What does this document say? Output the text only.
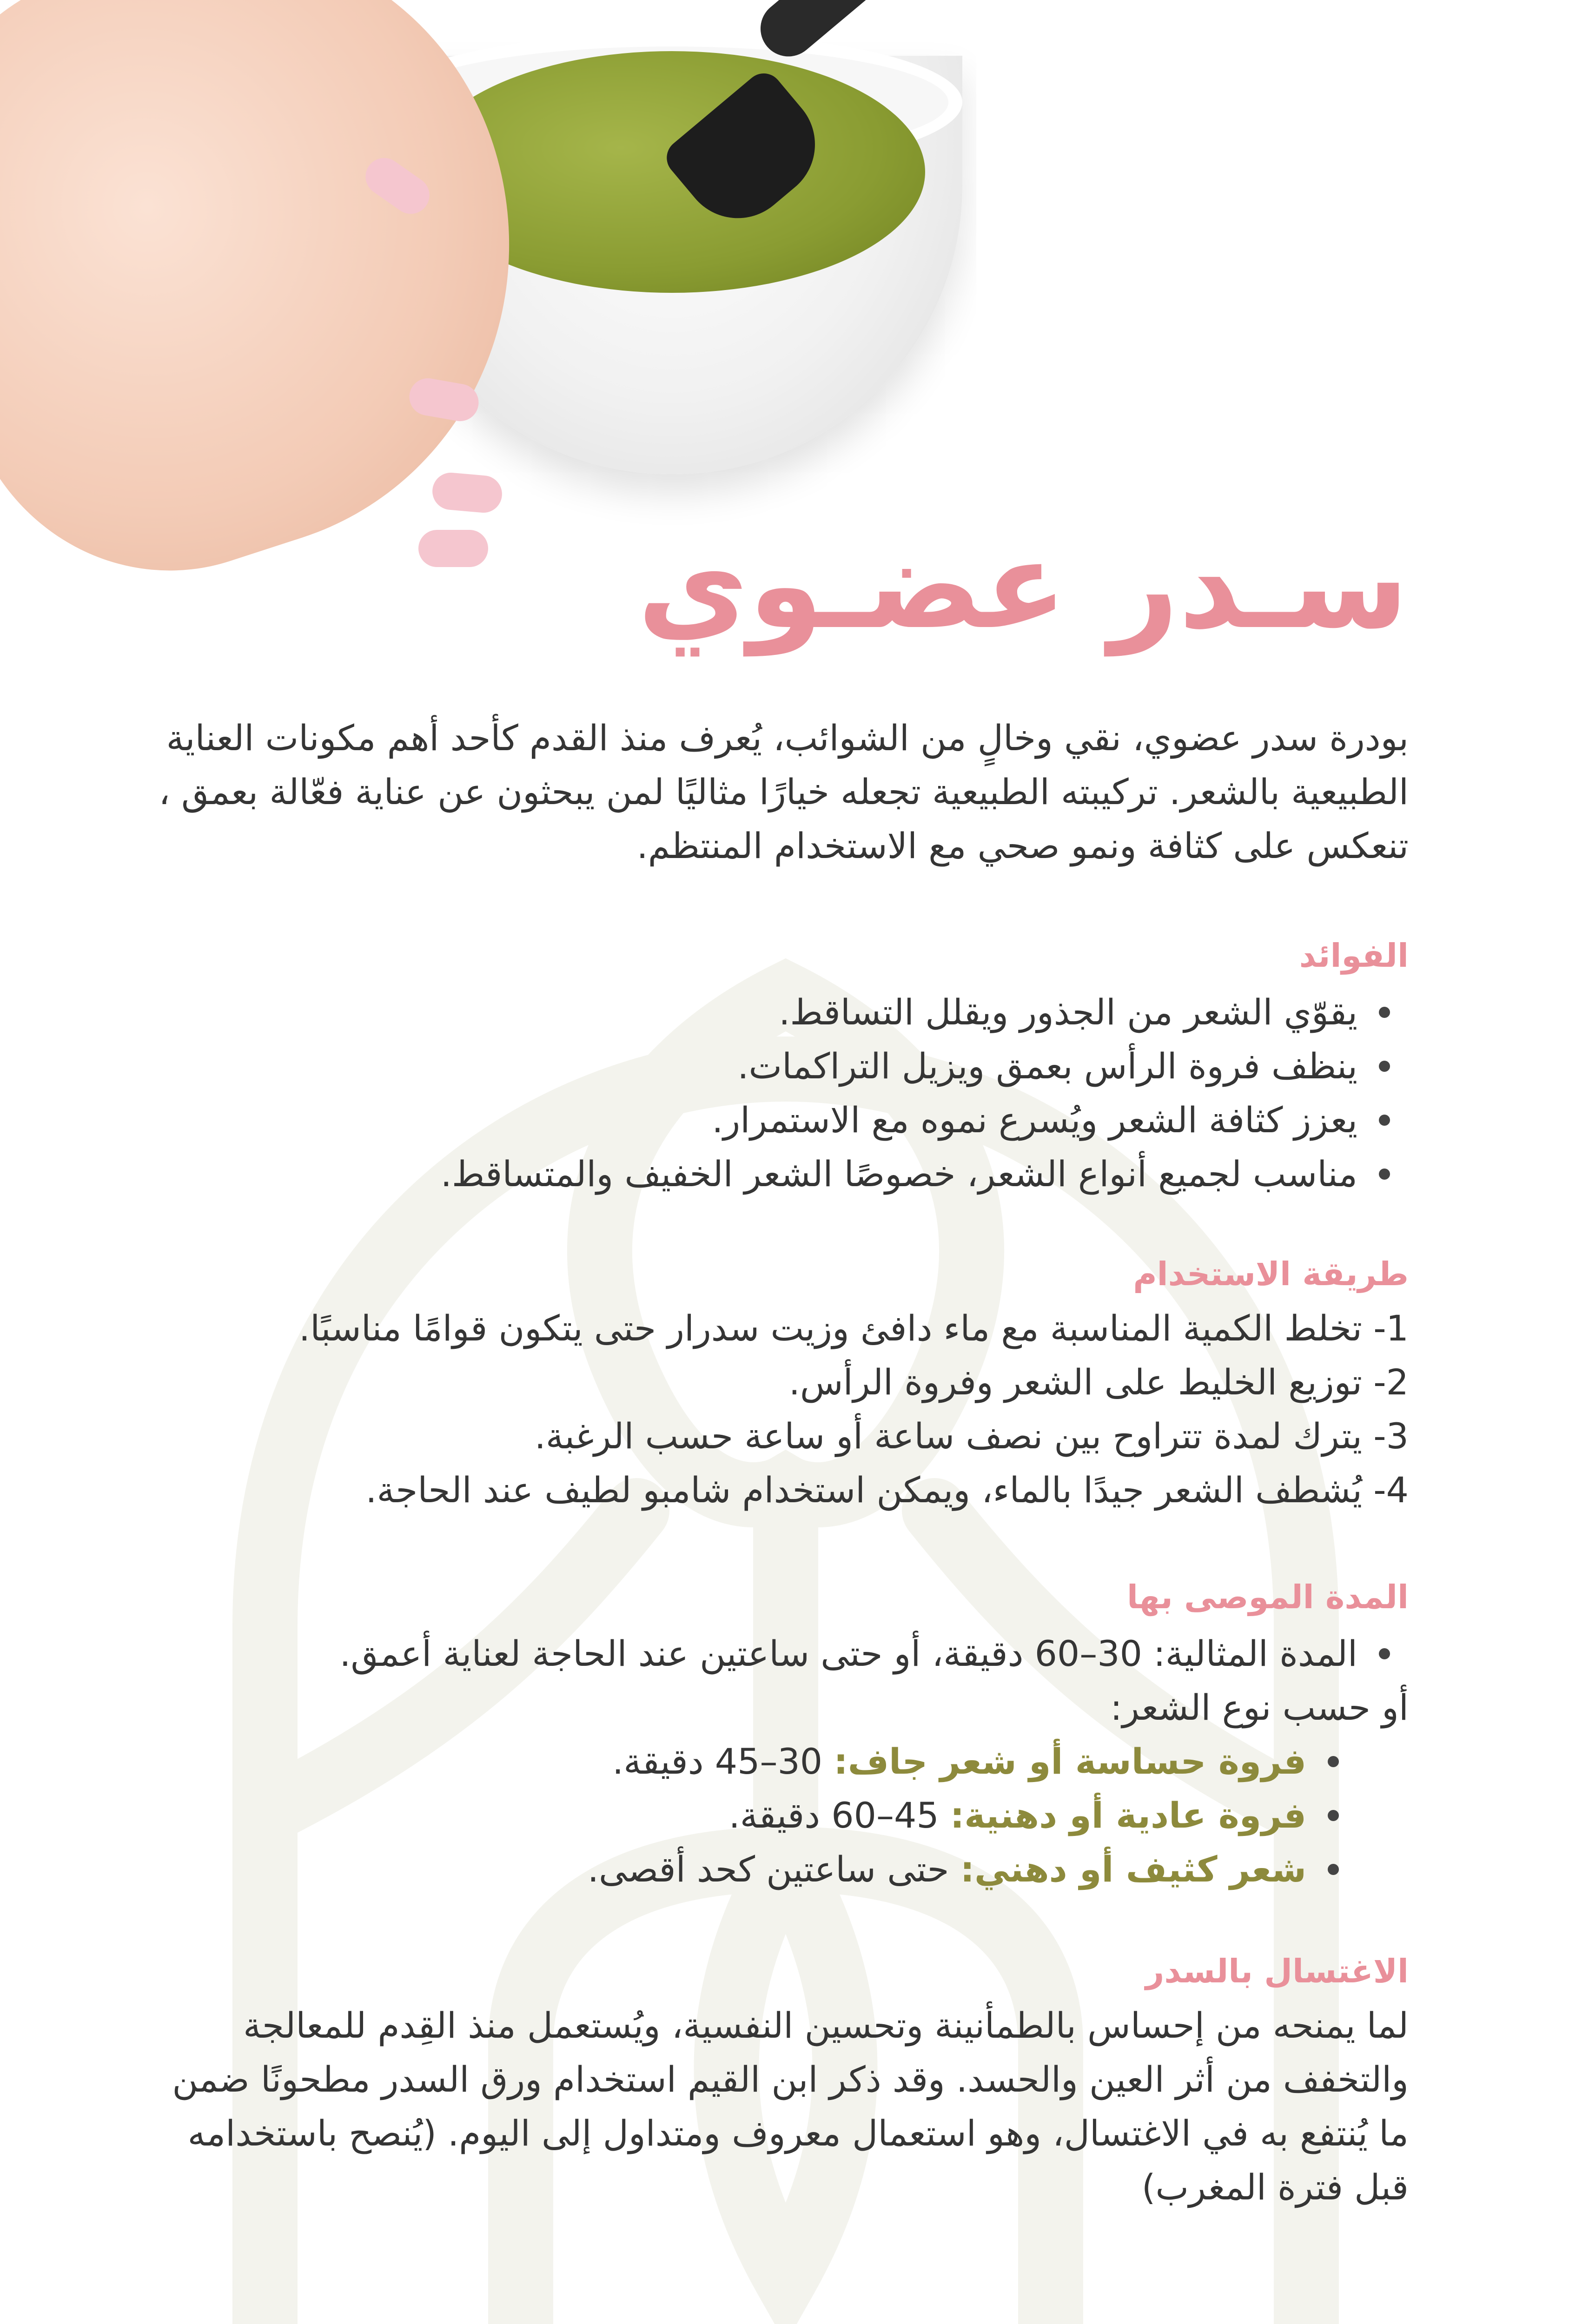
سـدر عضـوي
بودرة سدر عضوي، نقي وخالٍ من الشوائب، يُعرف منذ القدم كأحد أهم مكونات العناية الطبيعية بالشعر. تركيبته الطبيعية تجعله خيارًا مثاليًا لمن يبحثون عن عناية فعّالة بعمق ، تنعكس على كثافة ونمو صحي مع الاستخدام المنتظم.
الفوائد
يقوّي الشعر من الجذور ويقلل التساقط.
ينظف فروة الرأس بعمق ويزيل التراكمات.
يعزز كثافة الشعر ويُسرع نموه مع الاستمرار.
مناسب لجميع أنواع الشعر، خصوصًا الشعر الخفيف والمتساقط.
طريقة الاستخدام
1- تخلط الكمية المناسبة مع ماء دافئ وزيت سدرار حتى يتكون قوامًا مناسبًا.
2- توزيع الخليط على الشعر وفروة الرأس.
3- يترك لمدة تتراوح بين نصف ساعة أو ساعة حسب الرغبة.
4- يُشطف الشعر جيدًا بالماء، ويمكن استخدام شامبو لطيف عند الحاجة.
المدة الموصى بها
المدة المثالية: 30–60 دقيقة، أو حتى ساعتين عند الحاجة لعناية أعمق.
أو حسب نوع الشعر:
فروة حساسة أو شعر جاف: 30–45 دقيقة.
فروة عادية أو دهنية: 45–60 دقيقة.
شعر كثيف أو دهني: حتى ساعتين كحد أقصى.
الاغتسال بالسدر
لما يمنحه من إحساس بالطمأنينة وتحسين النفسية، ويُستعمل منذ القِدم للمعالجة والتخفف من أثر العين والحسد. وقد ذكر ابن القيم استخدام ورق السدر مطحونًا ضمن ما يُنتفع به في الاغتسال، وهو استعمال معروف ومتداول إلى اليوم. (يُنصح باستخدامه قبل فترة المغرب)
